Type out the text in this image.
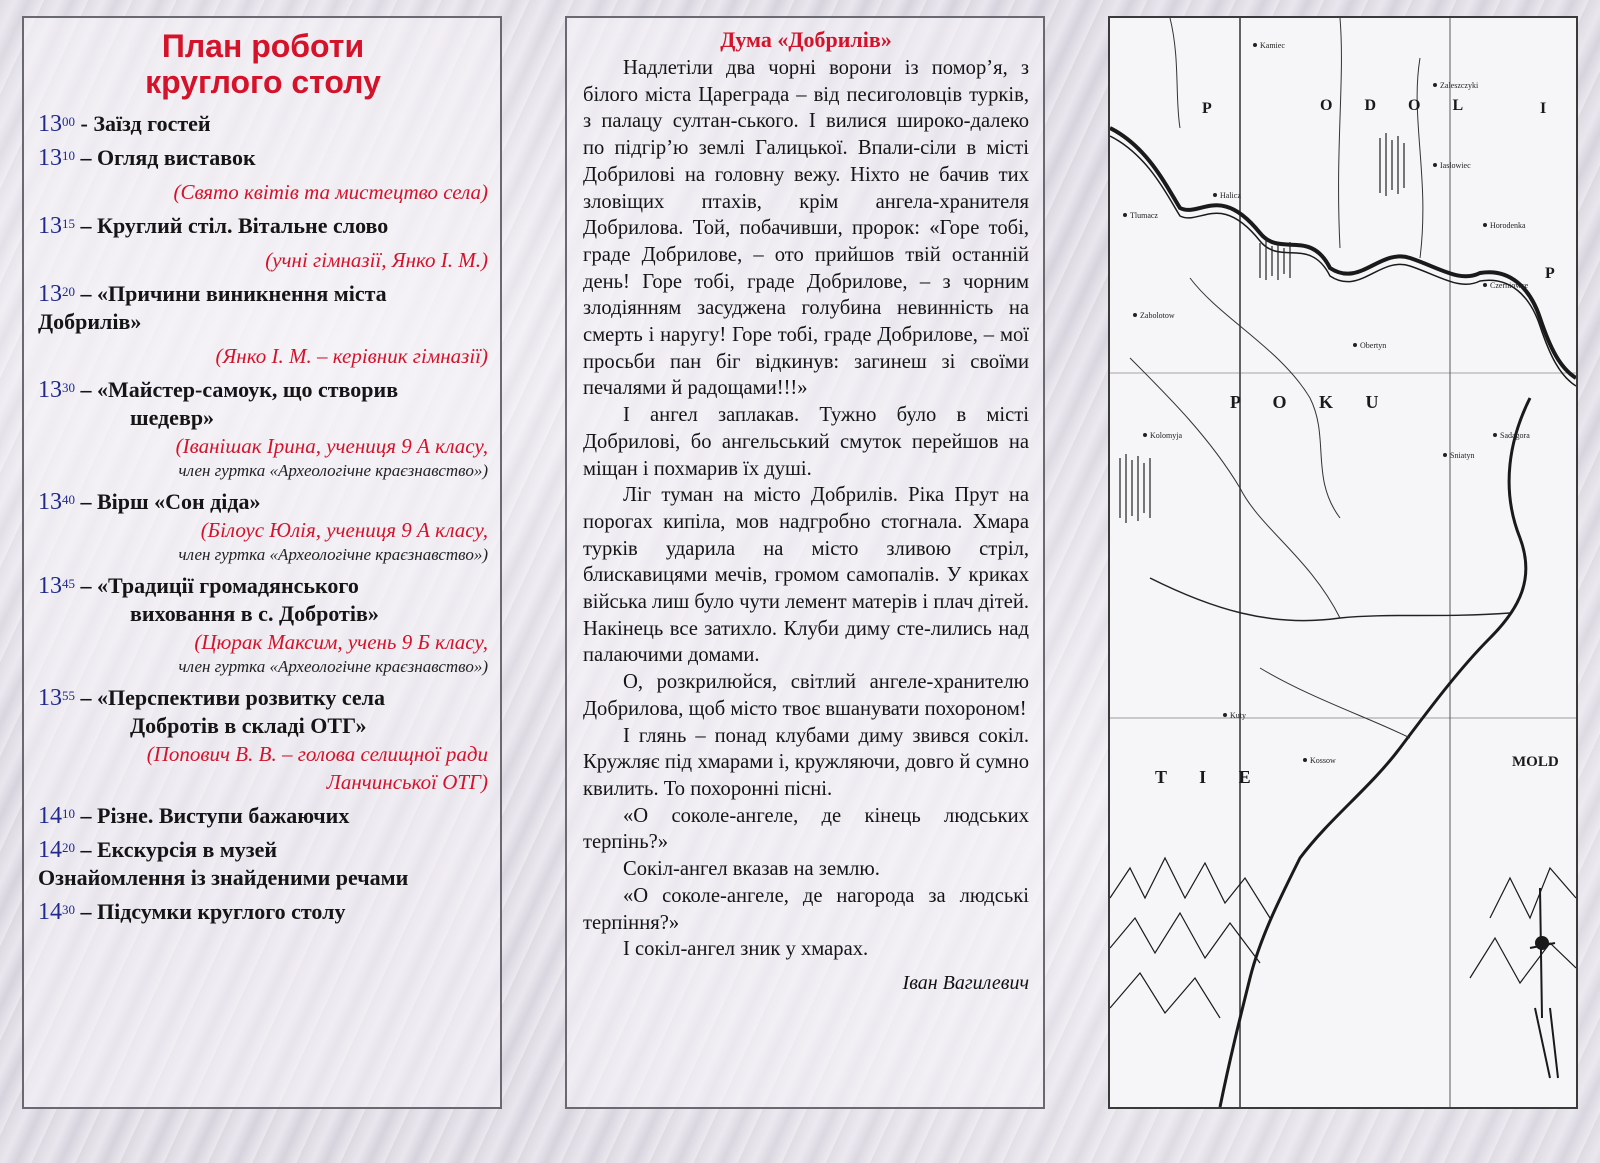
План роботи
круглого столу
$13^{00}$ - Заїзд гостей
$13^{10}$ – Огляд виставок
(Свято квітів та мистецтво села)
$13^{15}$ – Круглий стіл. Вітальне слово
(учні гімназії, Янко І. М.)
$13^{20}$ – «Причини виникнення міста
Добрилів»
(Янко І. М. – керівник гімназії)
$13^{30}$ – «Майстер-самоук, що створив
шедевр»
(Іванішак Ірина, учениця 9 А класу,
член гуртка «Археологічне краєзнавство»)
$13^{40}$ – Вірш «Сон діда»
(Білоус Юлія, учениця 9 А класу,
член гуртка «Археологічне краєзнавство»)
$13^{45}$ – «Традиції громадянського
виховання в с. Добротів»
(Цюрак Максим, учень 9 Б класу,
член гуртка «Археологічне краєзнавство»)
$13^{55}$ – «Перспективи розвитку села
Добротів в складі ОТГ»
(Попович В. В. – голова селищної ради
Ланчинської ОТГ)
$14^{10}$ – Різне. Виступи бажаючих
$14^{20}$ – Екскурсія в музей
Ознайомлення із знайденими речами
$14^{30}$ – Підсумки круглого столу
Дума «Добрилів»

Надлетіли два чорні ворони із помор’я, з білого міста Цареграда – від песиголовців турків, з палацу султан-ського. І вилися широко-далеко по підгір’ю землі Галицької. Впали-сіли в місті Добрилові на головну вежу. Ніхто не бачив тих зловіщих птахів, крім ангела-хранителя Добрилова. Той, побачивши, пророк: «Горе тобі, граде Добрилове, – ото прийшов твій останній день! Горе тобі, граде Добрилове, – з чорним злодіянням засуджена голубина невинність на смерть і наругу! Горе тобі, граде Добрилове, – мої просьби пан біг відкинув: загинеш зі своїми печалями й радощами!!!»

І ангел заплакав. Тужно було в місті Добрилові, бо ангельський смуток перейшов на міщан і похмарив їх душі.

Ліг туман на місто Добрилів. Ріка Прут на порогах кипіла, мов надгробно стогнала. Хмара турків ударила на місто зливою стріл, блискавицями мечів, громом самопалів. У криках війська лиш було чути лемент матерів і плач дітей. Накінець все затихло. Клуби диму сте-лились над палаючими домами.

О, розкрилюйся, світлий ангеле-хранителю Добрилова, щоб місто твоє вшанувати похороном!

І глянь – понад клубами диму звився сокіл. Кружляє під хмарами і, кружляючи, довго й сумно квилить. То похоронні пісні.

«О соколе-ангеле, де кінець людських терпінь?»

Сокіл-ангел вказав на землю.

«О соколе-ангеле, де нагорода за людські терпіння?»

І сокіл-ангел зник у хмарах.

Іван Вагилевич
P	O D O L	I
P
P O K U
T I E
MOLD
Kamiec
Zaleszczyki
Sniatyn
Kolomyja
Kossow
Czerniowce
Kuty
Horodenka
Zabolotow
Obertyn
Tlumacz
Halicz
Iaslowiec
Sadagora
